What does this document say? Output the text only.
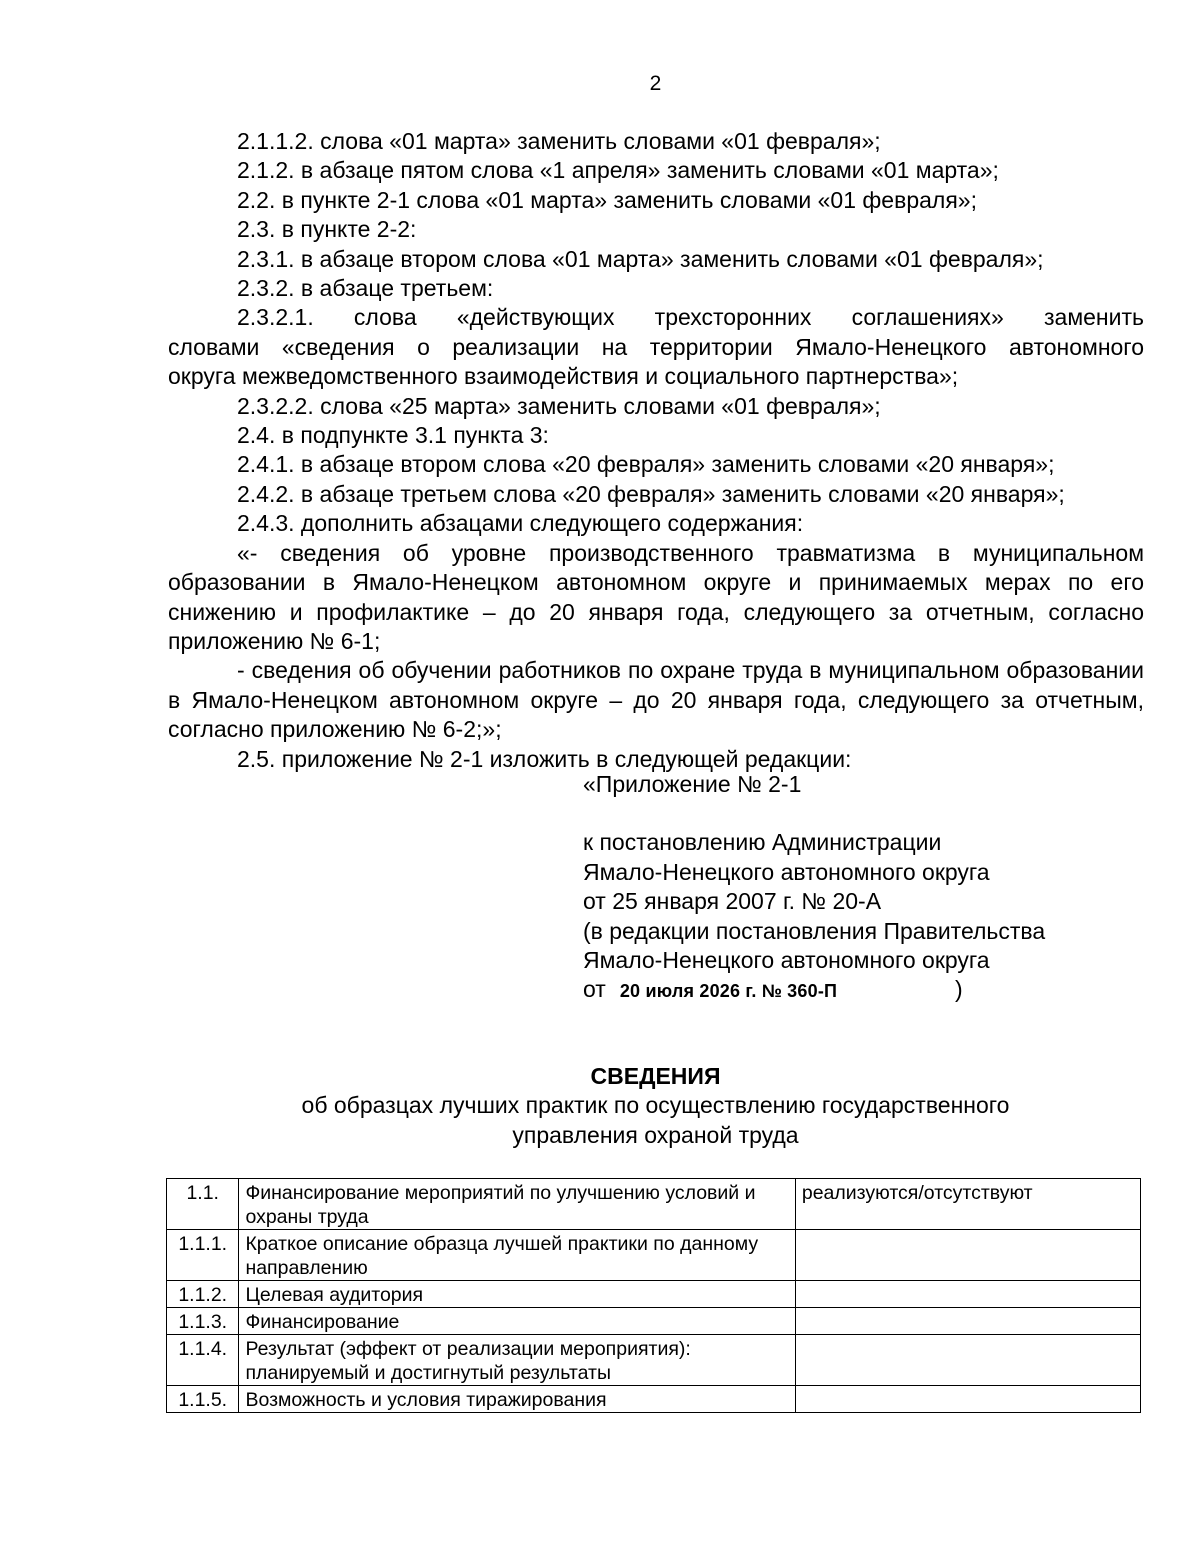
2

2.1.1.2. слова «01 марта» заменить словами «01 февраля»;

2.1.2. в абзаце пятом слова «1 апреля» заменить словами «01 марта»;

2.2. в пункте 2-1 слова «01 марта» заменить словами «01 февраля»;

2.3. в пункте 2-2:

2.3.1. в абзаце втором слова «01 марта» заменить словами «01 февраля»;

2.3.2. в абзаце третьем:

2.3.2.1. слова «действующих трехсторонних соглашениях» заменить

словами «сведения о реализации на территории Ямало-Ненецкого автономного

округа межведомственного взаимодействия и социального партнерства»;

2.3.2.2. слова «25 марта» заменить словами «01 февраля»;

2.4. в подпункте 3.1 пункта 3:

2.4.1. в абзаце втором слова «20 февраля» заменить словами «20 января»;

2.4.2. в абзаце третьем слова «20 февраля» заменить словами «20 января»;

2.4.3. дополнить абзацами следующего содержания:

«- сведения об уровне производственного травматизма в муниципальном образовании в Ямало-Ненецком автономном округе и принимаемых мерах по его снижению и профилактике – до 20 января года, следующего за отчетным, согласно приложению № 6-1;

- сведения об обучении работников по охране труда в муниципальном образовании в Ямало-Ненецком автономном округе – до 20 января года, следующего за отчетным, согласно приложению № 6-2;»;

2.5. приложение № 2-1 изложить в следующей редакции:

«Приложение № 2-1

к постановлению Администрации

Ямало-Ненецкого автономного округа

от 25 января 2007 г. № 20-А

(в редакции постановления Правительства

Ямало-Ненецкого автономного округа

от 20 июля 2026 г. № 360-П	)

СВЕДЕНИЯ

об образцах лучших практик по осуществлению государственного

управления охраной труда

1.1.	Финансирование мероприятий по улучшению условий и охраны труда	реализуются/отсутствуют
1.1.1.	Краткое описание образца лучшей практики по данному направлению	
1.1.2.	Целевая аудитория	
1.1.3.	Финансирование	
1.1.4.	Результат (эффект от реализации мероприятия): планируемый и достигнутый результаты	
1.1.5.	Возможность и условия тиражирования	
